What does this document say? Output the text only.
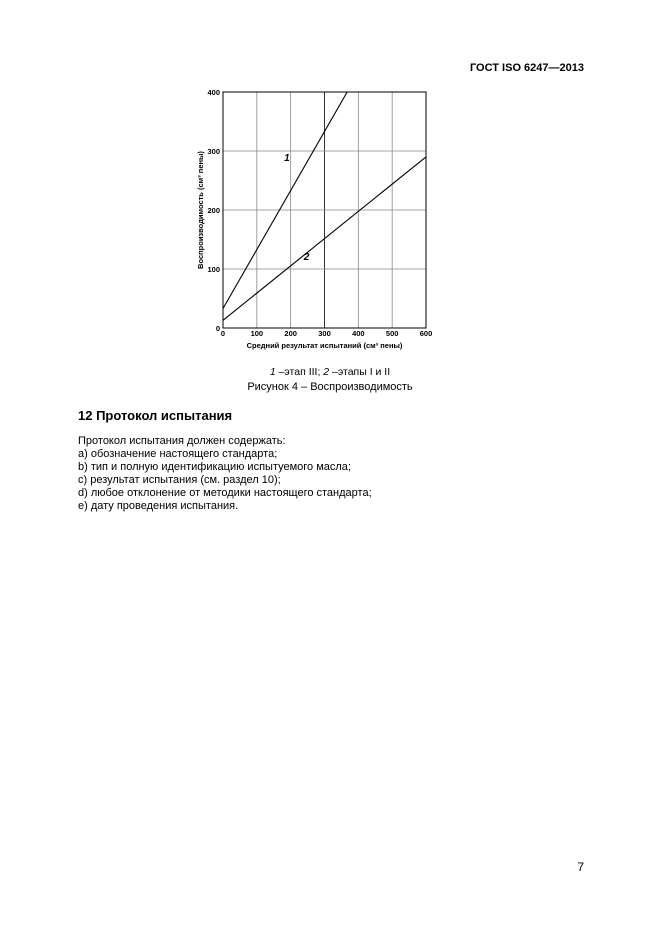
ГОСТ ISO 6247—2013
1
2
0	100	200	300	400	500	600
0
100
200
300
400
Средний результат испытаний (см³ пены)
Воспроизводимость (см³ пены)
1 –этап III; 2 –этапы I и II
Рисунок 4 – Воспроизводимость
12 Протокол испытания
Протокол испытания должен содержать:
a) обозначение настоящего стандарта;
b) тип и полную идентификацию испытуемого масла;
c) результат испытания (см. раздел 10);
d) любое отклонение от методики настоящего стандарта;
e) дату проведения испытания.
7
